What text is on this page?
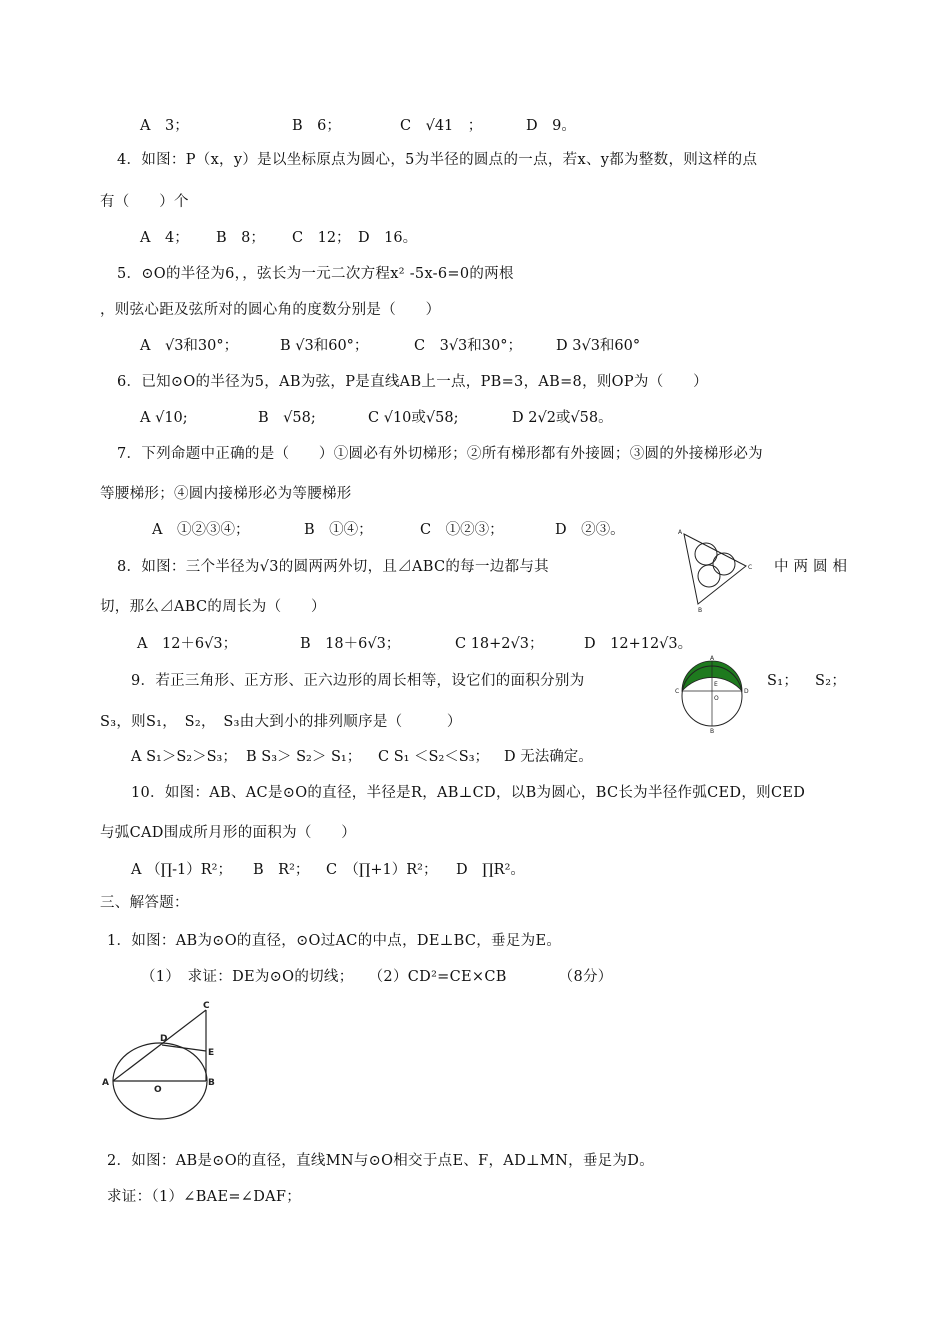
A　3；	B　6；	C　√41　；	D　9。
4．如图：P（x，y）是以坐标原点为圆心，5为半径的圆点的一点，若x、y都为整数，则这样的点
有（　　）个
A　4； B　8； C　12； D　16。
5．⊙O的半径为6，，弦长为一元二次方程x² -5x-6=0的两根
，则弦心距及弦所对的圆心角的度数分别是（　　）
A　√3和30°；	B √3和60°；	C　3√3和30°； D 3√3和60°
6．已知⊙O的半径为5，AB为弦，P是直线AB上一点，PB=3，AB=8，则OP为（　　）
A √10;	B　√58;	C √10或√58;	D 2√2或√58。
7．下列命题中正确的是（　　）①圆必有外切梯形；②所有梯形都有外接圆；③圆的外接梯形必为
等腰梯形；④圆内接梯形必为等腰梯形
A　①②③④；	B　①④；	C　①②③；	D　②③。
8．如图：三个半径为√3的圆两两外切，且⊿ABC的每一边都与其	中两圆相
切，那么⊿ABC的周长为（　　）
A　12＋6√3；	B　18＋6√3；	C 18+2√3；	D　12+12√3。
A
C
B
9．若正三角形、正方形、正六边形的周长相等，设它们的面积分别为	S₁； S₂；
S₃，则S₁，　S₂，　S₃由大到小的排列顺序是（　　　）
A S₁＞S₂＞S₃； B S₃＞ S₂＞ S₁； C S₁ ＜S₂＜S₃； D 无法确定。
A
C	D
E
O
B
10．如图：AB、AC是⊙O的直径，半径是R，AB⊥CD，以B为圆心，BC长为半径作弧CED，则CED
与弧CAD围成所月形的面积为（　　）
A （∏-1）R²； B　R²； C　（∏+1）R²； D　∏R²。
三、解答题：
1．如图：AB为⊙O的直径，⊙O过AC的中点，DE⊥BC，垂足为E。
（1）　求证：DE为⊙O的切线；　　（2）CD²=CE×CB　　　　（8分）
C
D
E
A	B
O
2．如图：AB是⊙O的直径，直线MN与⊙O相交于点E、F，AD⊥MN，垂足为D。
求证：（1）∠BAE=∠DAF；
